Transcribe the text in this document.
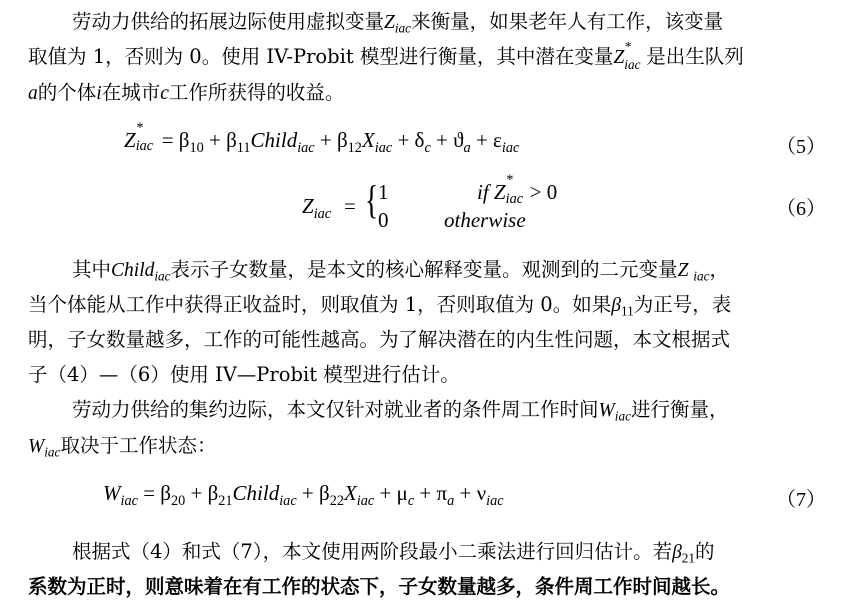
劳动力供给的拓展边际使用虚拟变量$Z_{iac}$来衡量，如果老年人有工作，该变量
取值为 1，否则为 0。使用 IV-Probit 模型进行衡量，其中潜在变量Z
*
iac 是出生队列
a的个体i在城市c工作所获得的收益。
Z *
iac = $\beta_{10}$ + $\beta_{11}Child_{iac} + \beta_{12}X_{iac} + \delta_c + ϑ_a + \varepsilon_{iac}$	（5）
$Z_{iac}$ = { 1	if Z *
iac > 0
0	otherwise	（6）
其中Child$_{iac}$表示子女数量，是本文的核心解释变量。观测到的二元变量Z $_{iac}$，
当个体能从工作中获得正收益时，则取值为 1，否则取值为 0。如果$\beta_{11}$为正号，表
明，子女数量越多，工作的可能性越高。为了解决潜在的内生性问题，本文根据式
子（4）—（6）使用 IV—Probit 模型进行估计。
劳动力供给的集约边际，本文仅针对就业者的条件周工作时间$W_{iac}$进行衡量，
$W_{iac}$取决于工作状态：
$W_{iac} = \beta_{20}$ + $\beta_{21}Child_{iac} + \beta_{22}X_{iac} + \mu_c + \pi_a + \nu_{iac}$	（7）
根据式（4）和式（7），本文使用两阶段最小二乘法进行回归估计。若$\beta_{21}$的
系数为正时，则意味着在有工作的状态下，子女数量越多，条件周工作时间越长。
